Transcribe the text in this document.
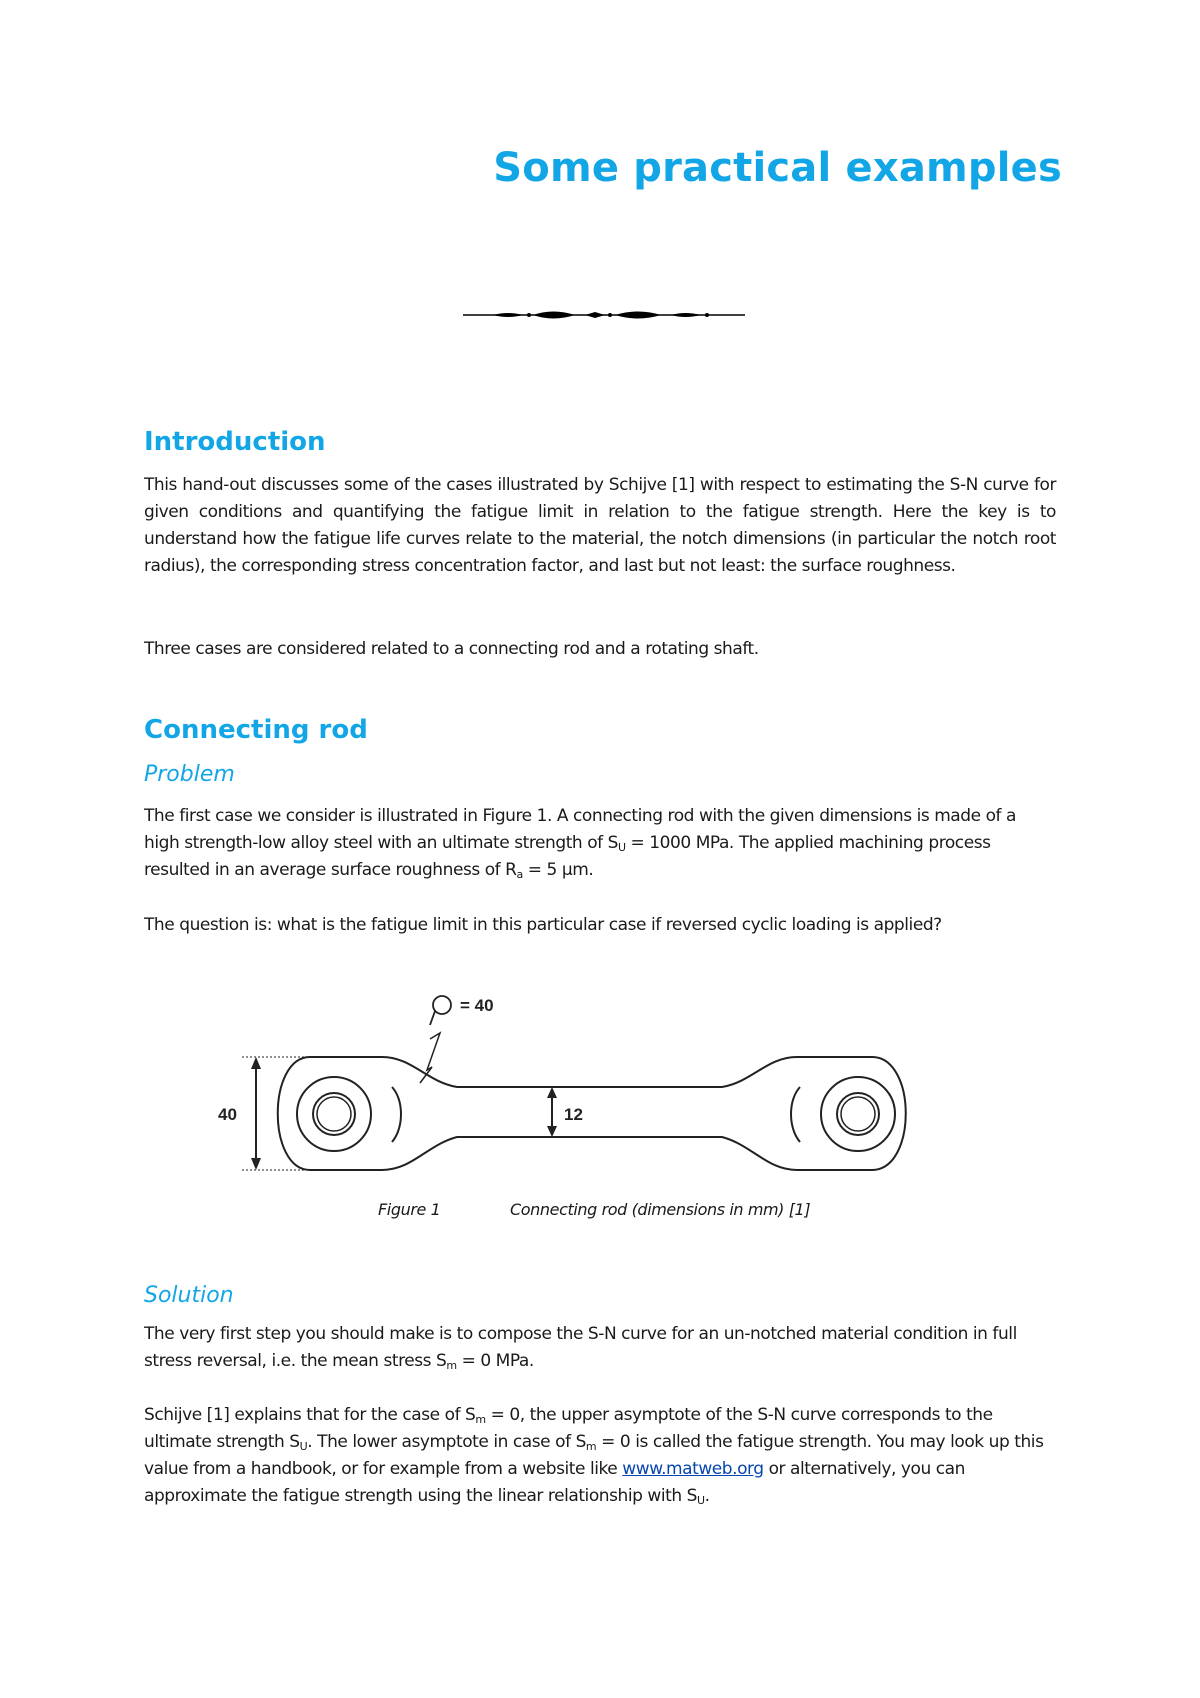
Some practical examples
Introduction

This hand-out discusses some of the cases illustrated by Schijve [1] with respect to estimating the S-N curve for given conditions and quantifying the fatigue limit in relation to the fatigue strength. Here the key is to understand how the fatigue life curves relate to the material, the notch dimensions (in particular the notch root radius), the corresponding stress concentration factor, and last but not least: the surface roughness.

Three cases are considered related to a connecting rod and a rotating shaft.

Connecting rod
Problem

The first case we consider is illustrated in Figure 1. A connecting rod with the given dimensions is made of a high strength-low alloy steel with an ultimate strength of $S_U = 1000$ MPa. The applied machining process resulted in an average surface roughness of $R_a = 5$ μm.

The question is: what is the fatigue limit in this particular case if reversed cyclic loading is applied?

Solution

The very first step you should make is to compose the S-N curve for an un-notched material condition in full stress reversal, i.e. the mean stress $S_m = 0$ MPa.

Schijve [1] explains that for the case of $S_m = 0$, the upper asymptote of the S-N curve corresponds to the ultimate strength $S_U$. The lower asymptote in case of $S_m = 0$ is called the fatigue strength. You may look up this value from a handbook, or for example from a website like www.matweb.org or alternatively, you can approximate the fatigue strength using the linear relationship with $S_U$.

= 40
40	12
Figure 1	Connecting rod (dimensions in mm) [1]
